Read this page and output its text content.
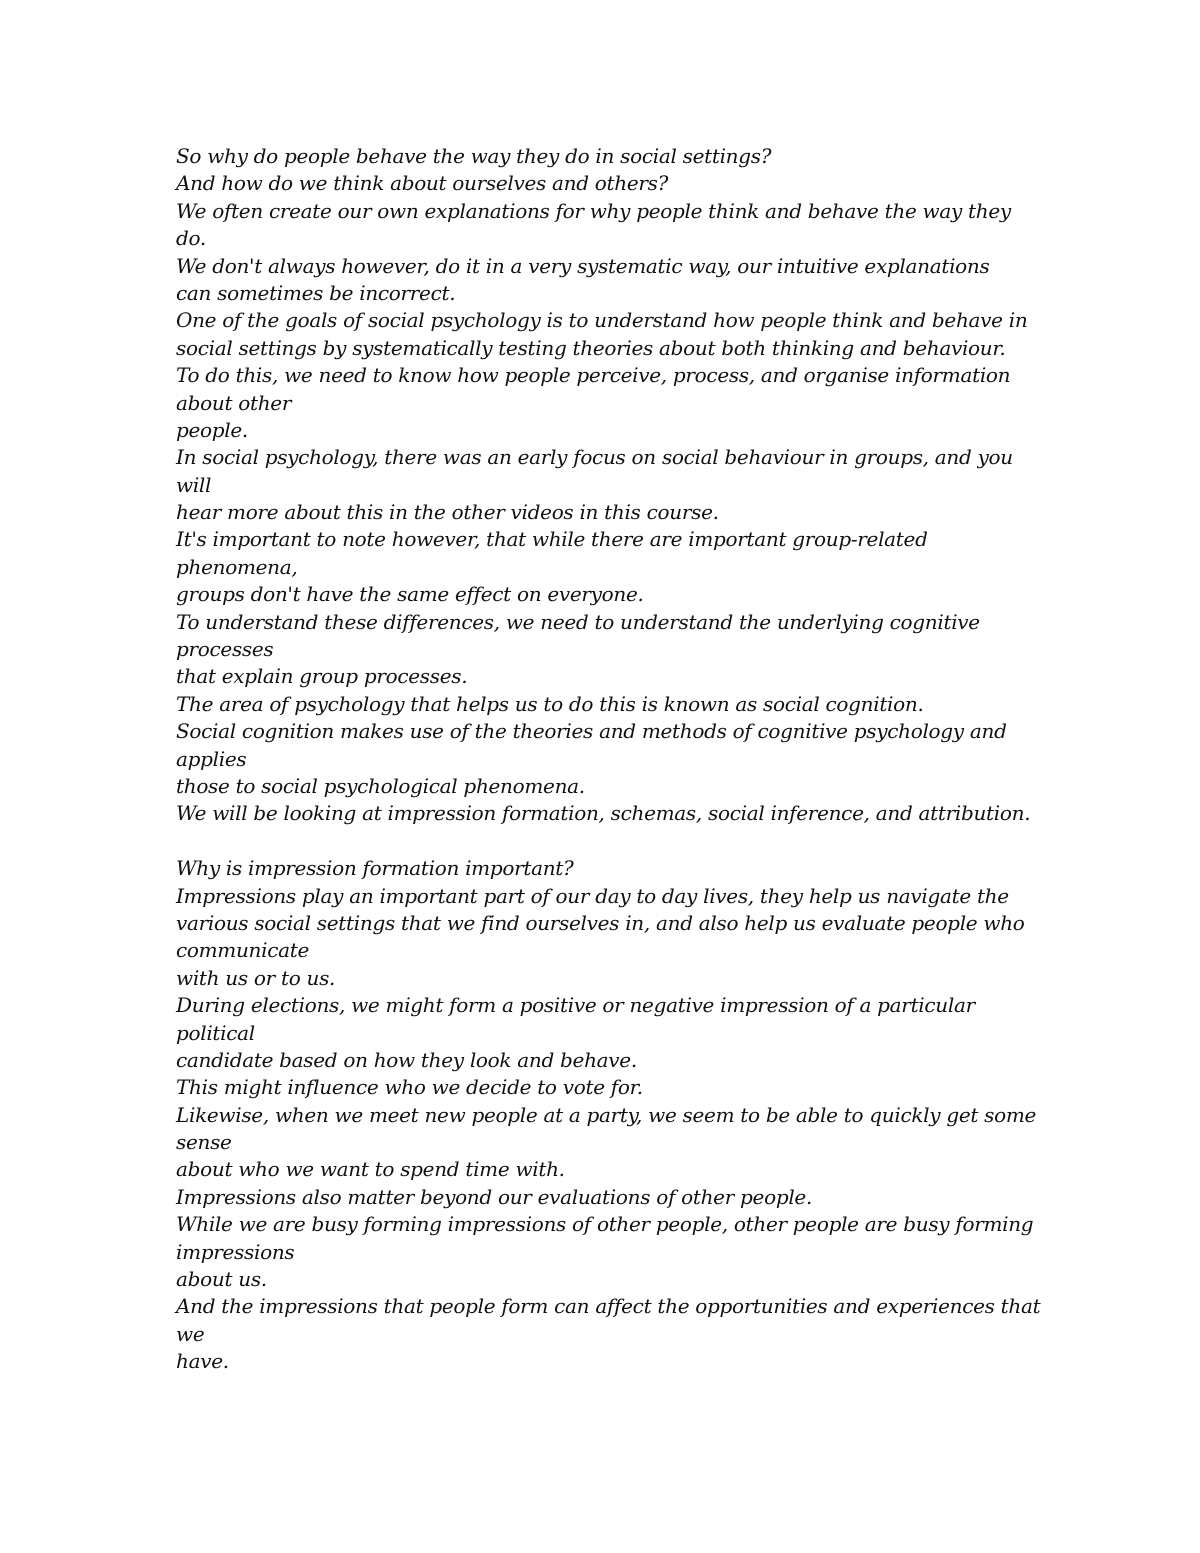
So why do people behave the way they do in social settings?
And how do we think about ourselves and others?
We often create our own explanations for why people think and behave the way they
do.
We don't always however, do it in a very systematic way, our intuitive explanations
can sometimes be incorrect.
One of the goals of social psychology is to understand how people think and behave in
social settings by systematically testing theories about both thinking and behaviour.
To do this, we need to know how people perceive, process, and organise information
about other
people.
In social psychology, there was an early focus on social behaviour in groups, and you
will
hear more about this in the other videos in this course.
It's important to note however, that while there are important group-related
phenomena,
groups don't have the same effect on everyone.
To understand these differences, we need to understand the underlying cognitive
processes
that explain group processes.
The area of psychology that helps us to do this is known as social cognition.
Social cognition makes use of the theories and methods of cognitive psychology and
applies
those to social psychological phenomena.
We will be looking at impression formation, schemas, social inference, and attribution.
Why is impression formation important?
Impressions play an important part of our day to day lives, they help us navigate the
various social settings that we find ourselves in, and also help us evaluate people who
communicate
with us or to us.
During elections, we might form a positive or negative impression of a particular
political
candidate based on how they look and behave.
This might influence who we decide to vote for.
Likewise, when we meet new people at a party, we seem to be able to quickly get some
sense
about who we want to spend time with.
Impressions also matter beyond our evaluations of other people.
While we are busy forming impressions of other people, other people are busy forming
impressions
about us.
And the impressions that people form can affect the opportunities and experiences that
we
have.
